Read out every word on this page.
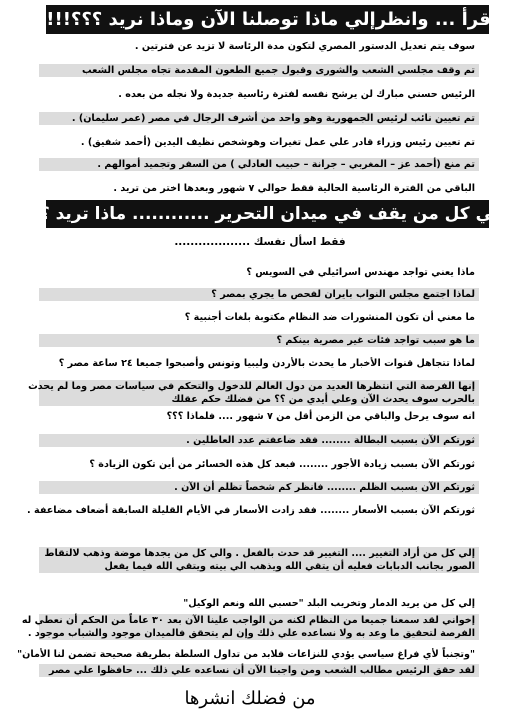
اقرأ ... وانظرإلي ماذا توصلنا الآن وماذا نريد ؟؟؟!!!!
سوف يتم تعديل الدستور المصري لتكون مدة الرئاسة لا تزيد عن فترتين .
تم وقف مجلسي الشعب والشورى وقبول جميع الطعون المقدمة تجاه مجلس الشعب
الرئيس حسني مبارك لن يرشح نفسه لفترة رئاسية جديدة ولا نجله من بعده .
تم تعيين نائب لرئيس الجمهورية وهو واحد من أشرف الرجال في مصر (عمر سليمان) .
تم تعيين رئيس وزراء قادر علي عمل تغيرات وهوشخص نظيف اليدين (أحمد شفيق) .
تم منع (أحمد عز – المغربي – جرانة – حبيب العادلي ) من السفر وتجميد أموالهم .
الباقي من الفترة الرئاسية الحالية فقط حوالي ٧ شهور وبعدها اختر من تريد .
إلي كل من يقف في ميدان التحرير ............ ماذا تريد ؟؟
فقط اسأل نفسك ...................
ماذا يعني تواجد مهندس اسرائيلي في السويس ؟
لماذا اجتمع مجلس النواب بايران لفحص ما يجري بمصر ؟
ما معني أن تكون المنشورات ضد النظام مكتوبة بلغات أجنبية ؟
ما هو سبب تواجد فئات غير مصرية بينكم ؟
لماذا تتجاهل قنوات الأخبار ما يحدث بالأردن وليبيا وتونس وأصبحوا جميعا ٢٤ ساعة مصر ؟
إنها الفرصة التي انتظرها العديد من دول العالم للدخول والتحكم في سياسات مصر وما لم يحدث
بالحرب سوف يحدث الآن وعلي أيدي من ؟؟ من فضلك حكم عقلك
انه سوف يرحل والباقي من الزمن أقل من ٧ شهور .... فلماذا ؟؟؟
ثورتكم الآن بسبب البطالة ........ فقد ضاعفتم عدد العاطلين .
ثورتكم الآن بسبب زيادة الأجور ........ فبعد كل هذه الخسائر من أين تكون الزيادة ؟
ثورتكم الآن بسبب الظلم ........ فانظر كم شخصاً تظلم أن الآن .
ثورتكم الآن بسبب الأسعار ........ فقد زادت الأسعار في الأيام القليلة السابقة أضعاف مضاعفة .
إلي كل من أراد التغيير .... التغيير قد حدث بالفعل . والي كل من يجدها موضة وذهب لالتقاط
الصور بجانب الدبابات فعليه أن يتقي الله ويذهب الي بيته ويتقي الله فيما يفعل
إلي كل من يريد الدمار وتخريب البلد "حسبي الله ونعم الوكيل"
إخواني لقد سمعنا جميعا من النظام لكنه من الواجب علينا الآن بعد ٣٠ عاماً من الحكم أن نعطي له
الفرصة لتحقيق ما وعد به ولا نساعده علي ذلك وإن لم يتحقق فالميدان موجود والشباب موجود .
"وتجنباً لأي فراغ سياسي يؤدي للنزاعات فلابد من تداول السلطة بطريقة صحيحة تضمن لنا الأمان"
لقد حقق الرئيس مطالب الشعب ومن واجبنا الآن أن نساعده علي ذلك ... حافظوا علي مصر
من فضلك انشرها
